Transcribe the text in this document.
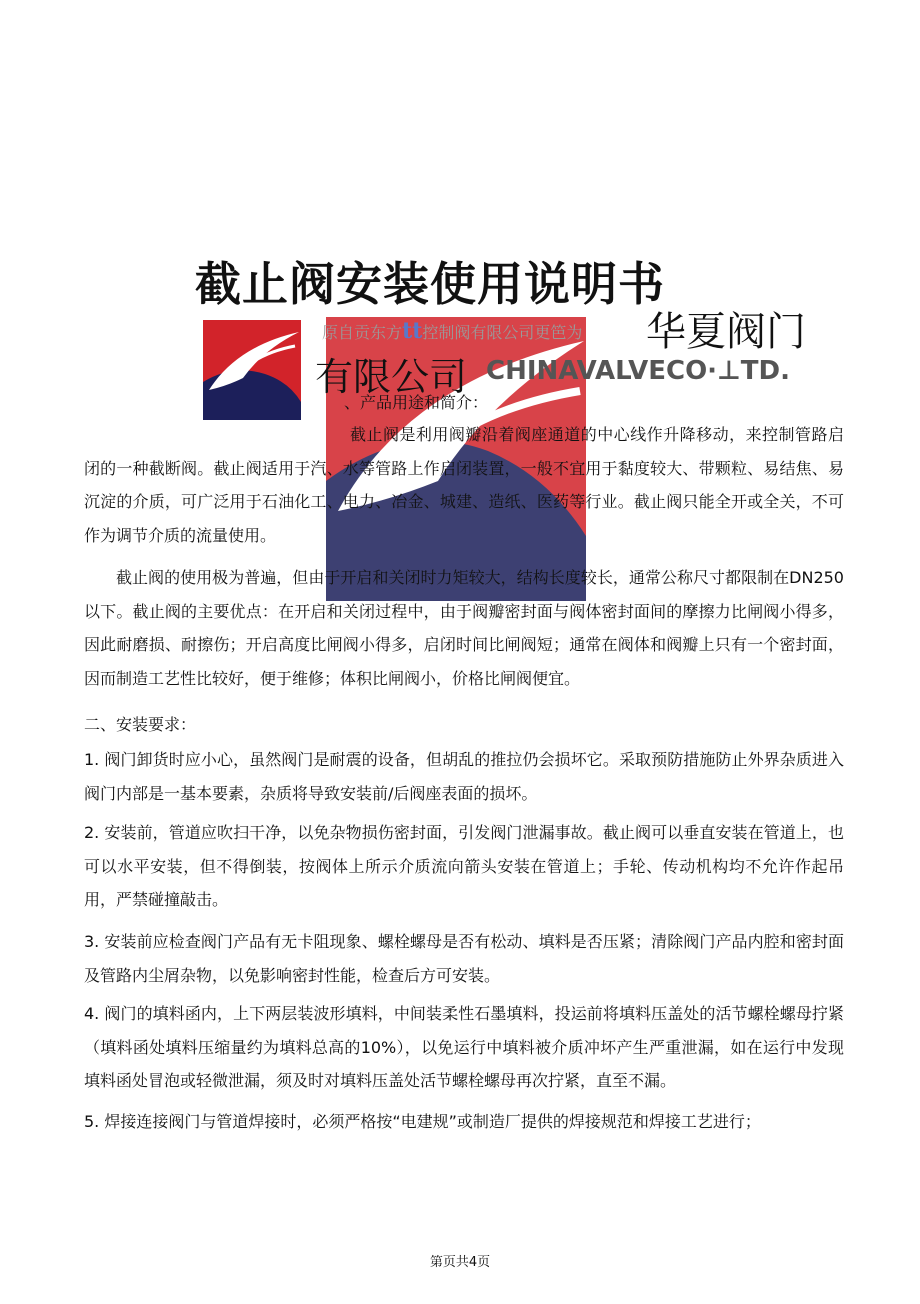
截止阀安装使用说明书
原自贡东方tt控制阀有限公司更笆为 华夏阀门
有限公司 CHINAVALVECO·⊥TD.
、产品用途和简介：

截止阀是利用阀瓣沿着阀座通道的中心线作升降移动，来控制管路启闭的一种截断阀。截止阀适用于汽、水等管路上作启闭装置，一般不宜用于黏度较大、带颗粒、易结焦、易沉淀的介质，可广泛用于石油化工、电力、冶金、城建、造纸、医药等行业。截止阀只能全开或全关，不可作为调节介质的流量使用。

截止阀的使用极为普遍，但由于开启和关闭时力矩较大，结构长度较长，通常公称尺寸都限制在DN250以下。截止阀的主要优点：在开启和关闭过程中，由于阀瓣密封面与阀体密封面间的摩擦力比闸阀小得多，因此耐磨损、耐擦伤；开启高度比闸阀小得多，启闭时间比闸阀短；通常在阀体和阀瓣上只有一个密封面，因而制造工艺性比较好，便于维修；体积比闸阀小，价格比闸阀便宜。

二、安装要求：

1. 阀门卸货时应小心，虽然阀门是耐震的设备，但胡乱的推拉仍会损坏它。采取预防措施防止外界杂质进入阀门内部是一基本要素，杂质将导致安装前/后阀座表面的损坏。

2. 安装前，管道应吹扫干净，以免杂物损伤密封面，引发阀门泄漏事故。截止阀可以垂直安装在管道上，也可以水平安装，但不得倒装，按阀体上所示介质流向箭头安装在管道上；手轮、传动机构均不允许作起吊用，严禁碰撞敲击。

3. 安装前应检查阀门产品有无卡阻现象、螺栓螺母是否有松动、填料是否压紧；清除阀门产品内腔和密封面及管路内尘屑杂物，以免影响密封性能，检查后方可安装。

4. 阀门的填料函内，上下两层装波形填料，中间装柔性石墨填料，投运前将填料压盖处的活节螺栓螺母拧紧（填料函处填料压缩量约为填料总高的10%），以免运行中填料被介质冲坏产生严重泄漏，如在运行中发现填料函处冒泡或轻微泄漏，须及时对填料压盖处活节螺栓螺母再次拧紧，直至不漏。

5. 焊接连接阀门与管道焊接时，必须严格按“电建规”或制造厂提供的焊接规范和焊接工艺进行；

第页共4页
